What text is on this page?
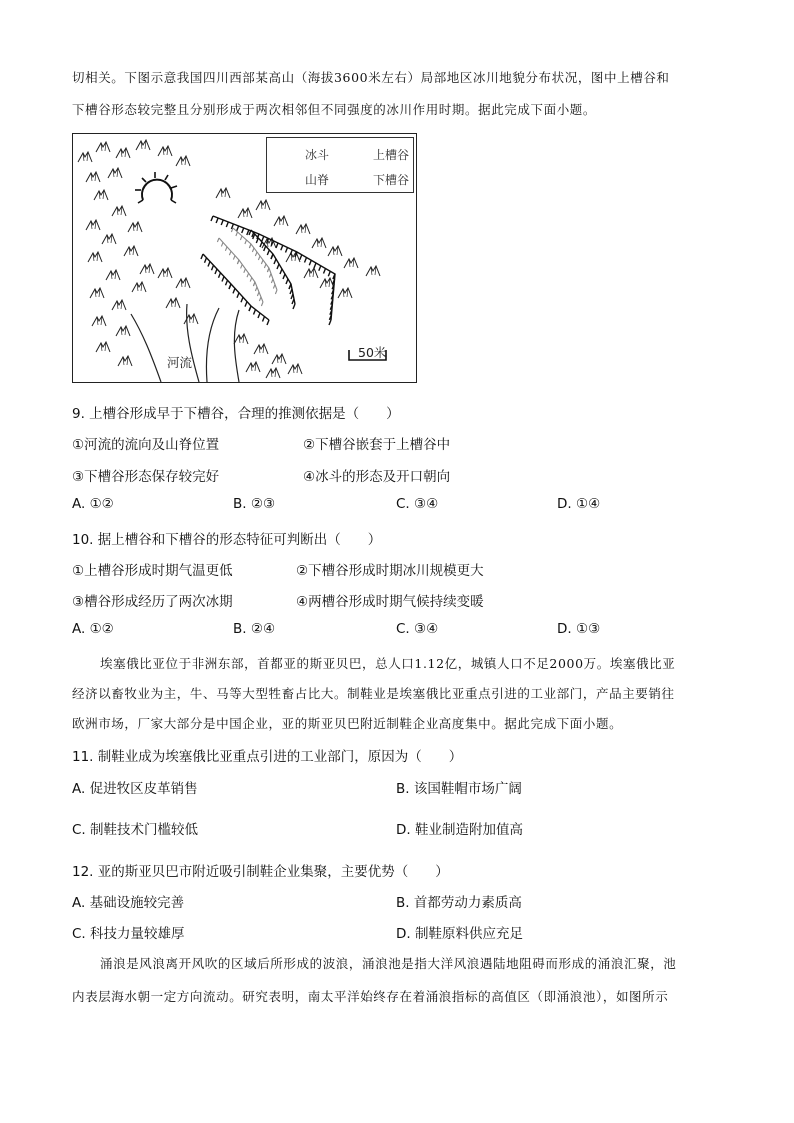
切相关。下图示意我国四川西部某高山（海拔3600米左右）局部地区冰川地貌分布状况，图中上槽谷和
下槽谷形态较完整且分别形成于两次相邻但不同强度的冰川作用时期。据此完成下面小题。
冰斗	上槽谷
山脊	下槽谷
河流
50米
9. 上槽谷形成早于下槽谷，合理的推测依据是（　　）
①河流的流向及山脊位置	②下槽谷嵌套于上槽谷中
③下槽谷形态保存较完好	④冰斗的形态及开口朝向
A. ①②	B. ②③	C. ③④	D. ①④
10. 据上槽谷和下槽谷的形态特征可判断出（　　）
①上槽谷形成时期气温更低	②下槽谷形成时期冰川规模更大
③槽谷形成经历了两次冰期	④两槽谷形成时期气候持续变暖
A. ①②	B. ②④	C. ③④	D. ①③
埃塞俄比亚位于非洲东部，首都亚的斯亚贝巴，总人口1.12亿，城镇人口不足2000万。埃塞俄比亚
经济以畜牧业为主，牛、马等大型牲畜占比大。制鞋业是埃塞俄比亚重点引进的工业部门，产品主要销往
欧洲市场，厂家大部分是中国企业，亚的斯亚贝巴附近制鞋企业高度集中。据此完成下面小题。
11. 制鞋业成为埃塞俄比亚重点引进的工业部门，原因为（　　）
A. 促进牧区皮革销售	B. 该国鞋帽市场广阔
C. 制鞋技术门槛较低	D. 鞋业制造附加值高
12. 亚的斯亚贝巴市附近吸引制鞋企业集聚，主要优势（　　）
A. 基础设施较完善	B. 首都劳动力素质高
C. 科技力量较雄厚	D. 制鞋原料供应充足
涌浪是风浪离开风吹的区域后所形成的波浪，涌浪池是指大洋风浪遇陆地阻碍而形成的涌浪汇聚，池
内表层海水朝一定方向流动。研究表明，南太平洋始终存在着涌浪指标的高值区（即涌浪池），如图所示
